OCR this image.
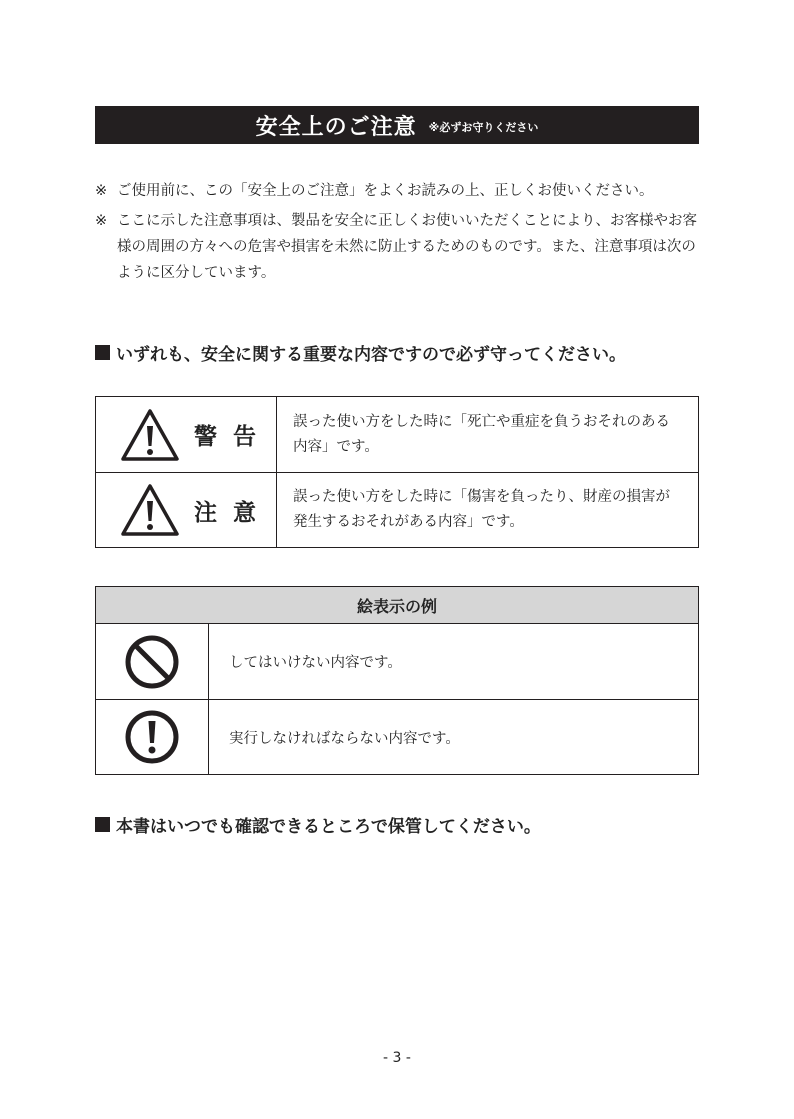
安全上のご注意 ※必ずお守りください
※ ご使用前に、この「安全上のご注意」をよくお読みの上、正しくお使いください。
※ ここに示した注意事項は、製品を安全に正しくお使いいただくことにより、お客様やお客様の周囲の方々への危害や損害を未然に防止するためのものです。また、注意事項は次のように区分しています。
いずれも、安全に関する重要な内容ですので必ず守ってください。
警告
誤った使い方をした時に「死亡や重症を負うおそれのある内容」です。
注意
誤った使い方をした時に「傷害を負ったり、財産の損害が発生するおそれがある内容」です。
絵表示の例
してはいけない内容です。
実行しなければならない内容です。
本書はいつでも確認できるところで保管してください。
- 3 -
